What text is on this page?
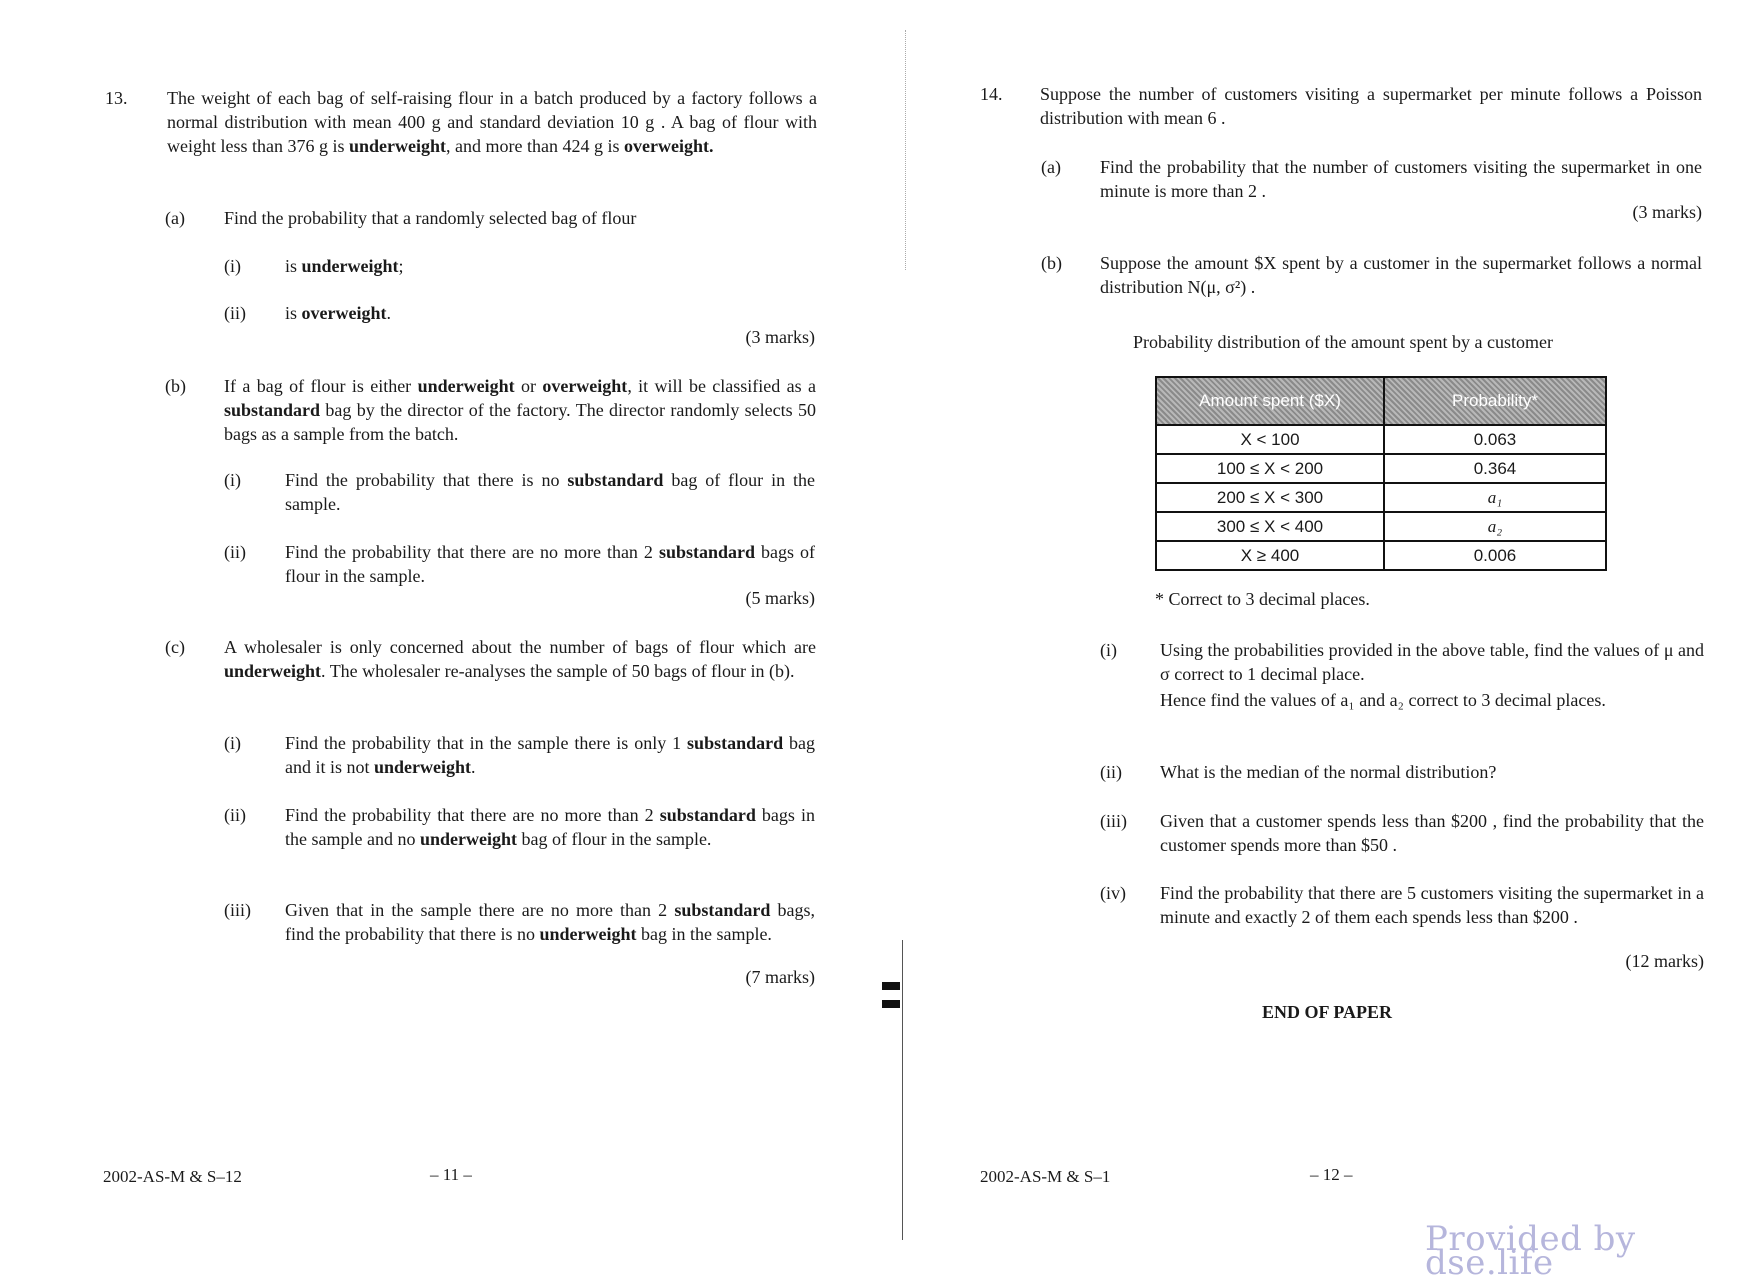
13. The weight of each bag of self-raising flour in a batch produced by a factory follows a normal distribution with mean 400 g and standard deviation 10 g . A bag of flour with weight less than 376 g is underweight, and more than 424 g is overweight.
(a) Find the probability that a randomly selected bag of flour
(i) is underweight;
(ii) is overweight.
(3 marks)
(b) If a bag of flour is either underweight or overweight, it will be classified as a substandard bag by the director of the factory. The director randomly selects 50 bags as a sample from the batch.
(i) Find the probability that there is no substandard bag of flour in the sample.
(ii) Find the probability that there are no more than 2 substandard bags of flour in the sample.
(5 marks)
(c) A wholesaler is only concerned about the number of bags of flour which are underweight. The wholesaler re-analyses the sample of 50 bags of flour in (b).
(i) Find the probability that in the sample there is only 1 substandard bag and it is not underweight.
(ii) Find the probability that there are no more than 2 substandard bags in the sample and no underweight bag of flour in the sample.
(iii) Given that in the sample there are no more than 2 substandard bags, find the probability that there is no underweight bag in the sample.
(7 marks)
2002-AS-M & S–12	– 11 –
14. Suppose the number of customers visiting a supermarket per minute follows a Poisson distribution with mean 6 .
(a) Find the probability that the number of customers visiting the supermarket in one minute is more than 2 .
(3 marks)
(b) Suppose the amount $X spent by a customer in the supermarket follows a normal distribution N(μ, σ²) .
Probability distribution of the amount spent by a customer
Amount spent ($X)	Probability*
X < 100	0.063
100 ≤ X < 200	0.364
200 ≤ X < 300	a₁
300 ≤ X < 400	a₂
X ≥ 400	0.006
* Correct to 3 decimal places.
(i) Using the probabilities provided in the above table, find the values of μ and σ correct to 1 decimal place.
Hence find the values of a₁ and a₂ correct to 3 decimal places.
(ii) What is the median of the normal distribution?
(iii) Given that a customer spends less than $200 , find the probability that the customer spends more than $50 .
(iv) Find the probability that there are 5 customers visiting the supermarket in a minute and exactly 2 of them each spends less than $200 .
(12 marks)
END OF PAPER
2002-AS-M & S–1	– 12 –
Provided by dse.life
